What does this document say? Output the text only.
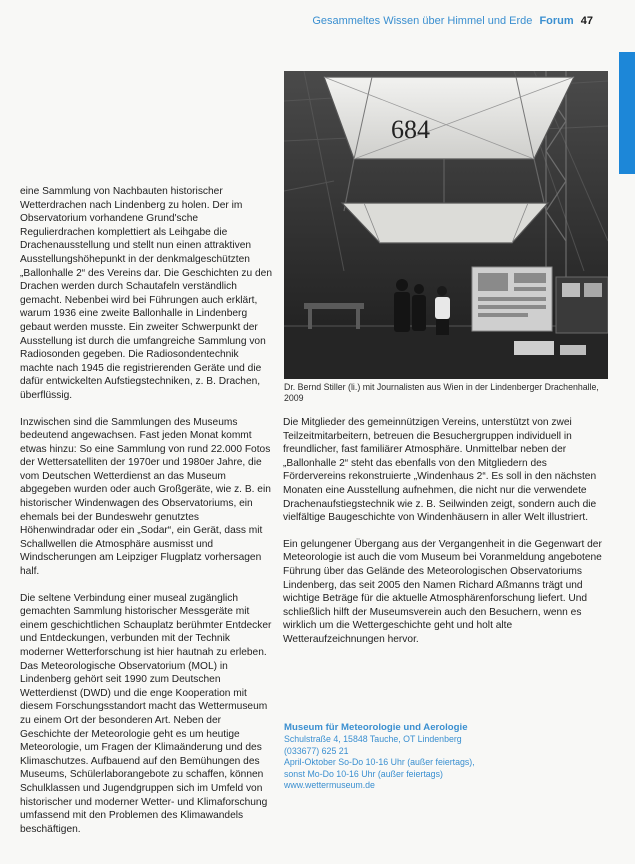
Gesammeltes Wissen über Himmel und Erde Forum 47
684
Dr. Bernd Stiller (li.) mit Journalisten aus Wien in der Lindenberger Drachenhalle, 2009

eine Sammlung von Nachbauten historischer Wetterdrachen nach Lindenberg zu holen. Der im Observatorium vorhandene Grund'sche Regulierdrachen komplettiert als Leihgabe die Drachenausstellung und stellt nun einen attraktiven Ausstellungshöhepunkt in der denkmalgeschützten „Ballonhalle 2“ des Vereins dar. Die Geschichten zu den Drachen werden durch Schautafeln verständlich gemacht. Nebenbei wird bei Führungen auch erklärt, warum 1936 eine zweite Ballonhalle in Lindenberg gebaut werden musste. Ein zweiter Schwerpunkt der Ausstellung ist durch die umfangreiche Sammlung von Radiosonden gegeben. Die Radiosondentechnik machte nach 1945 die registrierenden Geräte und die dafür entwickelten Aufstiegstechniken, z. B. Drachen, überflüssig.

Inzwischen sind die Sammlungen des Museums bedeutend angewachsen. Fast jeden Monat kommt etwas hinzu: So eine Sammlung von rund 22.000 Fotos der Wettersatelliten der 1970er und 1980er Jahre, die vom Deutschen Wetterdienst an das Museum abgegeben wurden oder auch Großgeräte, wie z. B. ein historischer Windenwagen des Observatoriums, ein ehemals bei der Bundeswehr genutztes Höhenwindradar oder ein „Sodar“, ein Gerät, dass mit Schallwellen die Atmosphäre ausmisst und Windscherungen am Leipziger Flugplatz vorhersagen half.

Die seltene Verbindung einer museal zugänglich gemachten Sammlung historischer Messgeräte mit einem geschichtlichen Schauplatz berühmter Entdecker und Entdeckungen, verbunden mit der Technik moderner Wetterforschung ist hier hautnah zu erleben. Das Meteorologische Observatorium (MOL) in Lindenberg gehört seit 1990 zum Deutschen Wetterdienst (DWD) und die enge Kooperation mit diesem Forschungsstandort macht das Wettermuseum zu einem Ort der besonderen Art. Neben der Geschichte der Meteorologie geht es um heutige Meteorologie, um Fragen der Klimaänderung und des Klimaschutzes. Aufbauend auf den Bemühungen des Museums, Schülerlaborangebote zu schaffen, können Schulklassen und Jugendgruppen sich im Umfeld von historischer und moderner Wetter- und Klimaforschung umfassend mit den Problemen des Klimawandels beschäftigen.

Die Mitglieder des gemeinnützigen Vereins, unterstützt von zwei Teilzeitmitarbeitern, betreuen die Besuchergruppen individuell in freundlicher, fast familiärer Atmosphäre. Unmittelbar neben der „Ballonhalle 2“ steht das ebenfalls von den Mitgliedern des Fördervereins rekonstruierte „Windenhaus 2“. Es soll in den nächsten Monaten eine Ausstellung aufnehmen, die nicht nur die verwendete Drachenaufstiegstechnik wie z. B. Seilwinden zeigt, sondern auch die vielfältige Baugeschichte von Windenhäusern in aller Welt illustriert.

Ein gelungener Übergang aus der Vergangenheit in die Gegenwart der Meteorologie ist auch die vom Museum bei Voranmeldung angebotene Führung über das Gelände des Meteorologischen Observatoriums Lindenberg, das seit 2005 den Namen Richard Aßmanns trägt und wichtige Beträge für die aktuelle Atmosphärenforschung liefert. Und schließlich hilft der Museumsverein auch den Besuchern, wenn es wirklich um die Wettergeschichte geht und holt alte Wetteraufzeichnungen hervor.

Museum für Meteorologie und Aerologie
Schulstraße 4, 15848 Tauche, OT Lindenberg
(033677) 625 21
April-Oktober So-Do 10-16 Uhr (außer feiertags),
sonst Mo-Do 10-16 Uhr (außer feiertags)
www.wettermuseum.de
